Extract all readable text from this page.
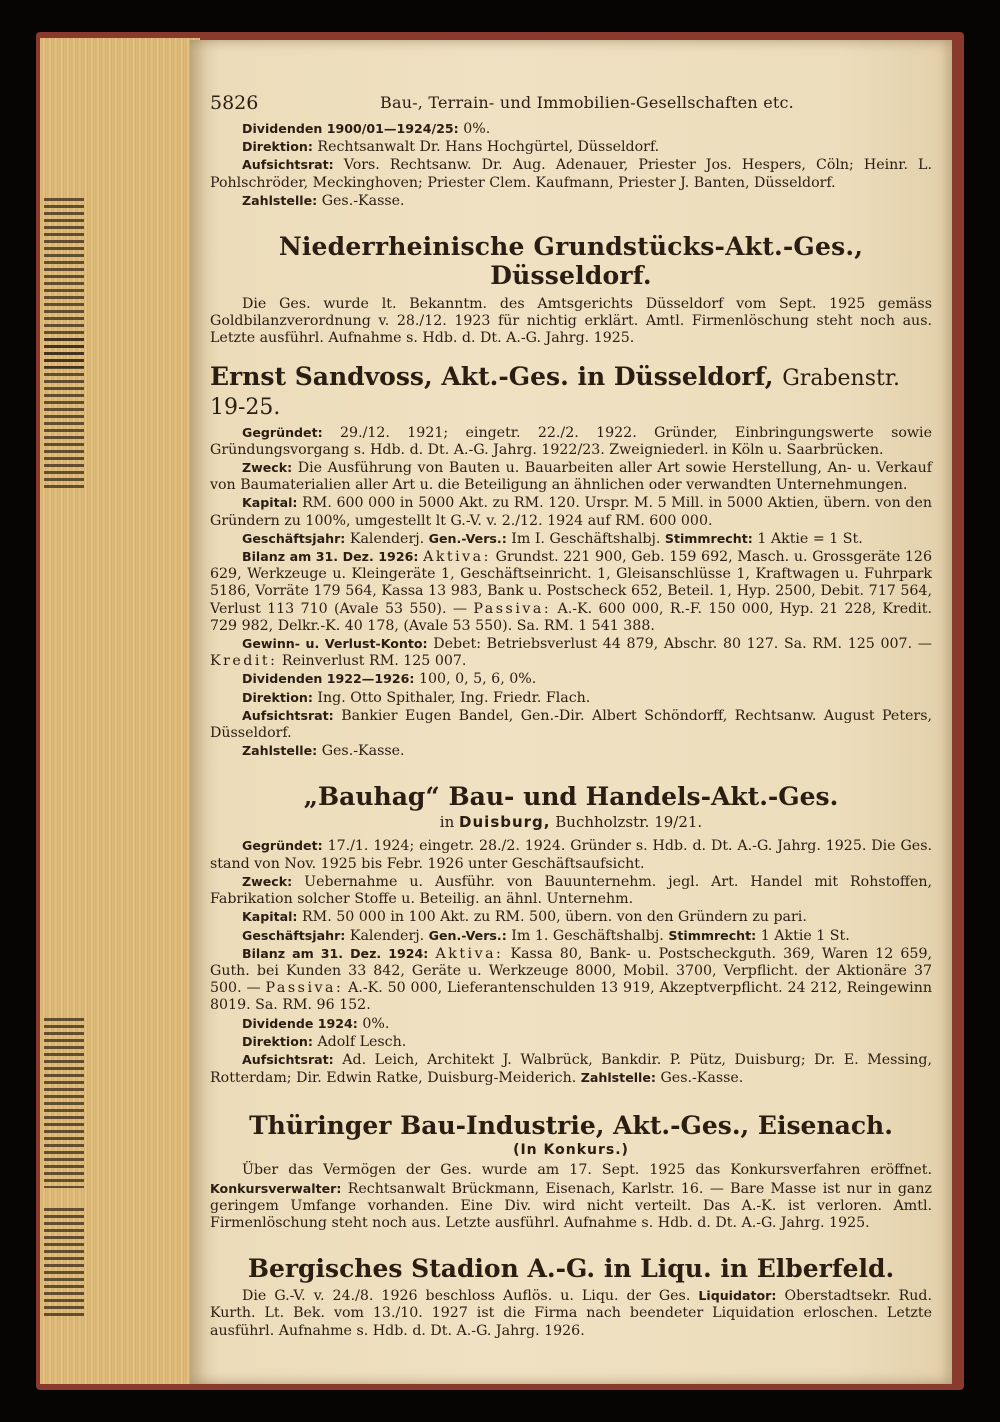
5826	Bau-, Terrain- und Immobilien-Gesellschaften etc.

Dividenden 1900/01—1924/25: 0%.

Direktion: Rechtsanwalt Dr. Hans Hochgürtel, Düsseldorf.

Aufsichtsrat: Vors. Rechtsanw. Dr. Aug. Adenauer, Priester Jos. Hespers, Cöln; Heinr. L. Pohlschröder, Meckinghoven; Priester Clem. Kaufmann, Priester J. Banten, Düsseldorf.

Zahlstelle: Ges.-Kasse.

Niederrheinische Grundstücks-Akt.-Ges., Düsseldorf.

Die Ges. wurde lt. Bekanntm. des Amtsgerichts Düsseldorf vom Sept. 1925 gemäss Goldbilanzverordnung v. 28./12. 1923 für nichtig erklärt. Amtl. Firmenlöschung steht noch aus. Letzte ausführl. Aufnahme s. Hdb. d. Dt. A.-G. Jahrg. 1925.

Ernst Sandvoss, Akt.-Ges. in Düsseldorf, Grabenstr. 19-25.

Gegründet: 29./12. 1921; eingetr. 22./2. 1922. Gründer, Einbringungswerte sowie Gründungsvorgang s. Hdb. d. Dt. A.-G. Jahrg. 1922/23. Zweigniederl. in Köln u. Saarbrücken.

Zweck: Die Ausführung von Bauten u. Bauarbeiten aller Art sowie Herstellung, An- u. Verkauf von Baumaterialien aller Art u. die Beteiligung an ähnlichen oder verwandten Unternehmungen.

Kapital: RM. 600 000 in 5000 Akt. zu RM. 120. Urspr. M. 5 Mill. in 5000 Aktien, übern. von den Gründern zu 100%, umgestellt lt G.-V. v. 2./12. 1924 auf RM. 600 000.

Geschäftsjahr: Kalenderj. Gen.-Vers.: Im I. Geschäftshalbj. Stimmrecht: 1 Aktie = 1 St.

Bilanz am 31. Dez. 1926: Aktiva: Grundst. 221 900, Geb. 159 692, Masch. u. Grossgeräte 126 629, Werkzeuge u. Kleingeräte 1, Geschäftseinricht. 1, Gleisanschlüsse 1, Kraftwagen u. Fuhrpark 5186, Vorräte 179 564, Kassa 13 983, Bank u. Postscheck 652, Beteil. 1, Hyp. 2500, Debit. 717 564, Verlust 113 710 (Avale 53 550). — Passiva: A.-K. 600 000, R.-F. 150 000, Hyp. 21 228, Kredit. 729 982, Delkr.-K. 40 178, (Avale 53 550). Sa. RM. 1 541 388.

Gewinn- u. Verlust-Konto: Debet: Betriebsverlust 44 879, Abschr. 80 127. Sa. RM. 125 007. — Kredit: Reinverlust RM. 125 007.

Dividenden 1922—1926: 100, 0, 5, 6, 0%.

Direktion: Ing. Otto Spithaler, Ing. Friedr. Flach.

Aufsichtsrat: Bankier Eugen Bandel, Gen.-Dir. Albert Schöndorff, Rechtsanw. August Peters, Düsseldorf.

Zahlstelle: Ges.-Kasse.

„Bauhag“ Bau- und Handels-Akt.-Ges.
in Duisburg, Buchholzstr. 19/21.

Gegründet: 17./1. 1924; eingetr. 28./2. 1924. Gründer s. Hdb. d. Dt. A.-G. Jahrg. 1925. Die Ges. stand von Nov. 1925 bis Febr. 1926 unter Geschäftsaufsicht.

Zweck: Uebernahme u. Ausführ. von Bauunternehm. jegl. Art. Handel mit Rohstoffen, Fabrikation solcher Stoffe u. Beteilig. an ähnl. Unternehm.

Kapital: RM. 50 000 in 100 Akt. zu RM. 500, übern. von den Gründern zu pari.

Geschäftsjahr: Kalenderj. Gen.-Vers.: Im 1. Geschäftshalbj. Stimmrecht: 1 Aktie 1 St.

Bilanz am 31. Dez. 1924: Aktiva: Kassa 80, Bank- u. Postscheckguth. 369, Waren 12 659, Guth. bei Kunden 33 842, Geräte u. Werkzeuge 8000, Mobil. 3700, Verpflicht. der Aktionäre 37 500. — Passiva: A.-K. 50 000, Lieferantenschulden 13 919, Akzeptverpflicht. 24 212, Reingewinn 8019. Sa. RM. 96 152.

Dividende 1924: 0%.

Direktion: Adolf Lesch.

Aufsichtsrat: Ad. Leich, Architekt J. Walbrück, Bankdir. P. Pütz, Duisburg; Dr. E. Messing, Rotterdam; Dir. Edwin Ratke, Duisburg-Meiderich. Zahlstelle: Ges.-Kasse.

Thüringer Bau-Industrie, Akt.-Ges., Eisenach.
(In Konkurs.)

Über das Vermögen der Ges. wurde am 17. Sept. 1925 das Konkursverfahren eröffnet. Konkursverwalter: Rechtsanwalt Brückmann, Eisenach, Karlstr. 16. — Bare Masse ist nur in ganz geringem Umfange vorhanden. Eine Div. wird nicht verteilt. Das A.-K. ist verloren. Amtl. Firmenlöschung steht noch aus. Letzte ausführl. Aufnahme s. Hdb. d. Dt. A.-G. Jahrg. 1925.

Bergisches Stadion A.-G. in Liqu. in Elberfeld.

Die G.-V. v. 24./8. 1926 beschloss Auflös. u. Liqu. der Ges. Liquidator: Oberstadtsekr. Rud. Kurth. Lt. Bek. vom 13./10. 1927 ist die Firma nach beendeter Liquidation erloschen. Letzte ausführl. Aufnahme s. Hdb. d. Dt. A.-G. Jahrg. 1926.
